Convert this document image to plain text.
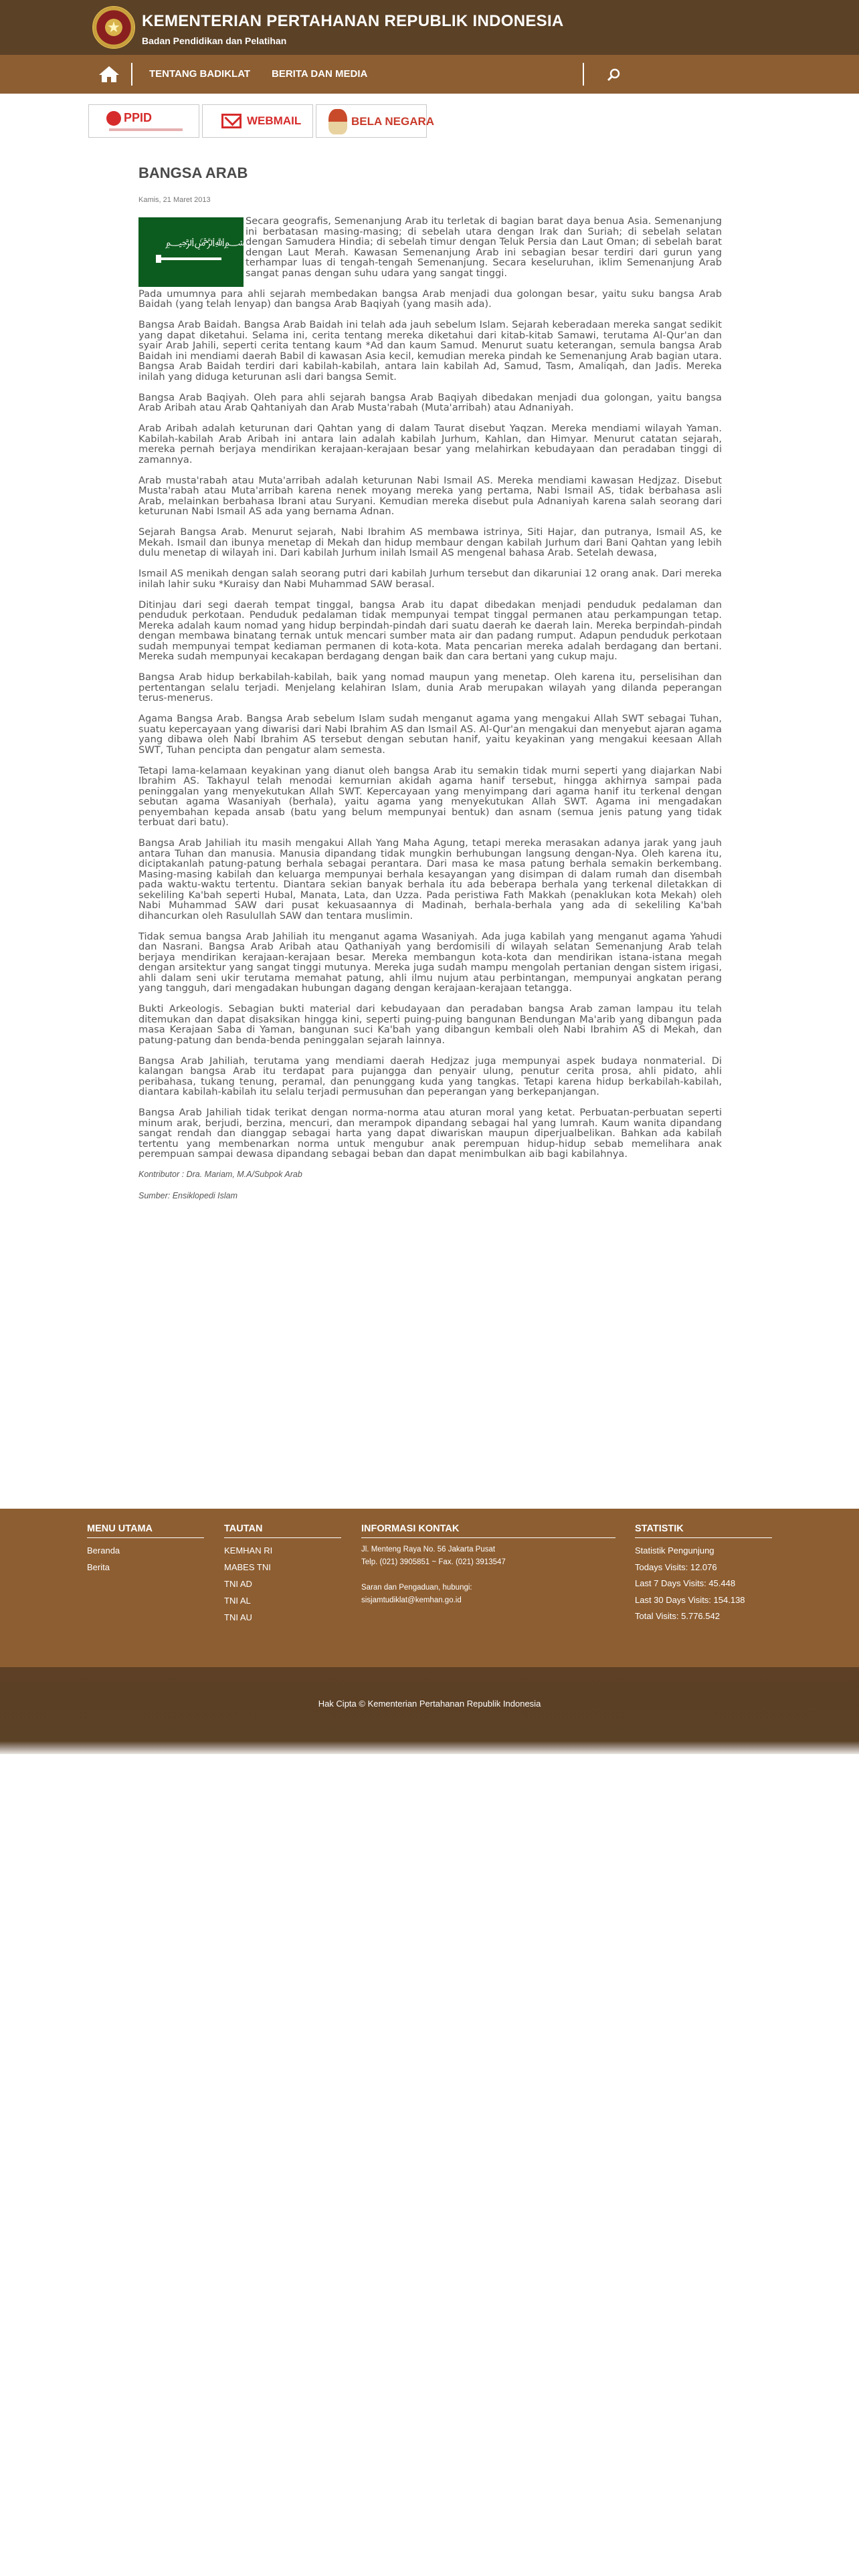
★
KEMENTERIAN PERTAHANAN REPUBLIK INDONESIA
Badan Pendidikan dan Pelatihan
TENTANG BADIKLAT BERITA DAN MEDIA
PPID	WEBMAIL	BELA NEGARA
BANGSA ARAB
Kamis, 21 Maret 2013
﷽

Secara geografis, Semenanjung Arab itu terletak di bagian barat daya benua Asia. Semenanjung ini berbatasan masing-masing; di sebelah utara dengan Irak dan Suriah; di sebelah selatan dengan Samudera Hindia; di sebelah timur dengan Teluk Persia dan Laut Oman; di sebelah barat dengan Laut Merah. Kawasan Semenanjung Arab ini sebagian besar terdiri dari gurun yang terhampar luas di tengah-tengah Semenanjung. Secara keseluruhan, iklim Semenanjung Arab sangat panas dengan suhu udara yang sangat tinggi.

Pada umumnya para ahli sejarah membedakan bangsa Arab menjadi dua golongan besar, yaitu suku bangsa Arab Baidah (yang telah lenyap) dan bangsa Arab Baqiyah (yang masih ada).

Bangsa Arab Baidah. Bangsa Arab Baidah ini telah ada jauh sebelum Islam. Sejarah keberadaan mereka sangat sedikit yang dapat diketahui. Selama ini, cerita tentang mereka diketahui dari kitab-kitab Samawi, terutama Al-Qur'an dan syair Arab Jahili, seperti cerita tentang kaum *Ad dan kaum Samud. Menurut suatu keterangan, semula bangsa Arab Baidah ini mendiami daerah Babil di kawasan Asia kecil, kemudian mereka pindah ke Semenanjung Arab bagian utara. Bangsa Arab Baidah terdiri dari kabilah-kabilah, antara lain kabilah Ad, Samud, Tasm, Amaliqah, dan Jadis. Mereka inilah yang diduga keturunan asli dari bangsa Semit.

Bangsa Arab Baqiyah. Oleh para ahli sejarah bangsa Arab Baqiyah dibedakan menjadi dua golongan, yaitu bangsa Arab Aribah atau Arab Qahtaniyah dan Arab Musta'rabah (Muta'arribah) atau Adnaniyah.

Arab Aribah adalah keturunan dari Qahtan yang di dalam Taurat disebut Yaqzan. Mereka mendiami wilayah Yaman. Kabilah-kabilah Arab Aribah ini antara lain adalah kabilah Jurhum, Kahlan, dan Himyar. Menurut catatan sejarah, mereka pernah berjaya mendirikan kerajaan-kerajaan besar yang melahirkan kebudayaan dan peradaban tinggi di zamannya.

Arab musta'rabah atau Muta'arribah adalah keturunan Nabi Ismail AS. Mereka mendiami kawasan Hedjzaz. Disebut Musta'rabah atau Muta'arribah karena nenek moyang mereka yang pertama, Nabi Ismail AS, tidak berbahasa asli Arab, melainkan berbahasa Ibrani atau Suryani. Kemudian mereka disebut pula Adnaniyah karena salah seorang dari keturunan Nabi Ismail AS ada yang bernama Adnan.

Sejarah Bangsa Arab. Menurut sejarah, Nabi Ibrahim AS membawa istrinya, Siti Hajar, dan putranya, Ismail AS, ke Mekah. Ismail dan ibunya menetap di Mekah dan hidup membaur dengan kabilah Jurhum dari Bani Qahtan yang lebih dulu menetap di wilayah ini. Dari kabilah Jurhum inilah Ismail AS mengenal bahasa Arab. Setelah dewasa,

Ismail AS menikah dengan salah seorang putri dari kabilah Jurhum tersebut dan dikaruniai 12 orang anak. Dari mereka inilah lahir suku *Kuraisy dan Nabi Muhammad SAW berasal.

Ditinjau dari segi daerah tempat tinggal, bangsa Arab itu dapat dibedakan menjadi penduduk pedalaman dan penduduk perkotaan. Penduduk pedalaman tidak mempunyai tempat tinggal permanen atau perkampungan tetap. Mereka adalah kaum nomad yang hidup berpindah-pindah dari suatu daerah ke daerah lain. Mereka berpindah-pindah dengan membawa binatang ternak untuk mencari sumber mata air dan padang rumput. Adapun penduduk perkotaan sudah mempunyai tempat kediaman permanen di kota-kota. Mata pencarian mereka adalah berdagang dan bertani. Mereka sudah mempunyai kecakapan berdagang dengan baik dan cara bertani yang cukup maju.

Bangsa Arab hidup berkabilah-kabilah, baik yang nomad maupun yang menetap. Oleh karena itu, perselisihan dan pertentangan selalu terjadi. Menjelang kelahiran Islam, dunia Arab merupakan wilayah yang dilanda peperangan terus-menerus.

Agama Bangsa Arab. Bangsa Arab sebelum Islam sudah menganut agama yang mengakui Allah SWT sebagai Tuhan, suatu kepercayaan yang diwarisi dari Nabi Ibrahim AS dan Ismail AS. Al-Qur'an mengakui dan menyebut ajaran agama yang dibawa oleh Nabi Ibrahim AS tersebut dengan sebutan hanif, yaitu keyakinan yang mengakui keesaan Allah SWT, Tuhan pencipta dan pengatur alam semesta.

Tetapi lama-kelamaan keyakinan yang dianut oleh bangsa Arab itu semakin tidak murni seperti yang diajarkan Nabi Ibrahim AS. Takhayul telah menodai kemurnian akidah agama hanif tersebut, hingga akhirnya sampai pada peninggalan yang menyekutukan Allah SWT. Kepercayaan yang menyimpang dari agama hanif itu terkenal dengan sebutan agama Wasaniyah (berhala), yaitu agama yang menyekutukan Allah SWT. Agama ini mengadakan penyembahan kepada ansab (batu yang belum mempunyai bentuk) dan asnam (semua jenis patung yang tidak terbuat dari batu).

Bangsa Arab Jahiliah itu masih mengakui Allah Yang Maha Agung, tetapi mereka merasakan adanya jarak yang jauh antara Tuhan dan manusia. Manusia dipandang tidak mungkin berhubungan langsung dengan-Nya. Oleh karena itu, diciptakanlah patung-patung berhala sebagai perantara. Dari masa ke masa patung berhala semakin berkembang. Masing-masing kabilah dan keluarga mempunyai berhala kesayangan yang disimpan di dalam rumah dan disembah pada waktu-waktu tertentu. Diantara sekian banyak berhala itu ada beberapa berhala yang terkenal diletakkan di sekeliling Ka'bah seperti Hubal, Manata, Lata, dan Uzza. Pada peristiwa Fath Makkah (penaklukan kota Mekah) oleh Nabi Muhammad SAW dari pusat kekuasaannya di Madinah, berhala-berhala yang ada di sekeliling Ka'bah dihancurkan oleh Rasulullah SAW dan tentara muslimin.

Tidak semua bangsa Arab Jahiliah itu menganut agama Wasaniyah. Ada juga kabilah yang menganut agama Yahudi dan Nasrani. Bangsa Arab Aribah atau Qathaniyah yang berdomisili di wilayah selatan Semenanjung Arab telah berjaya mendirikan kerajaan-kerajaan besar. Mereka membangun kota-kota dan mendirikan istana-istana megah dengan arsitektur yang sangat tinggi mutunya. Mereka juga sudah mampu mengolah pertanian dengan sistem irigasi, ahli dalam seni ukir terutama memahat patung, ahli ilmu nujum atau perbintangan, mempunyai angkatan perang yang tangguh, dari mengadakan hubungan dagang dengan kerajaan-kerajaan tetangga.

Bukti Arkeologis. Sebagian bukti material dari kebudayaan dan peradaban bangsa Arab zaman lampau itu telah ditemukan dan dapat disaksikan hingga kini, seperti puing-puing bangunan Bendungan Ma'arib yang dibangun pada masa Kerajaan Saba di Yaman, bangunan suci Ka'bah yang dibangun kembali oleh Nabi Ibrahim AS di Mekah, dan patung-patung dan benda-benda peninggalan sejarah lainnya.

Bangsa Arab Jahiliah, terutama yang mendiami daerah Hedjzaz juga mempunyai aspek budaya nonmaterial. Di kalangan bangsa Arab itu terdapat para pujangga dan penyair ulung, penutur cerita prosa, ahli pidato, ahli peribahasa, tukang tenung, peramal, dan penunggang kuda yang tangkas. Tetapi karena hidup berkabilah-kabilah, diantara kabilah-kabilah itu selalu terjadi permusuhan dan peperangan yang berkepanjangan.

Bangsa Arab Jahiliah tidak terikat dengan norma-norma atau aturan moral yang ketat. Perbuatan-perbuatan seperti minum arak, berjudi, berzina, mencuri, dan merampok dipandang sebagai hal yang lumrah. Kaum wanita dipandang sangat rendah dan dianggap sebagai harta yang dapat diwariskan maupun diperjualbelikan. Bahkan ada kabilah tertentu yang membenarkan norma untuk mengubur anak perempuan hidup-hidup sebab memelihara anak perempuan sampai dewasa dipandang sebagai beban dan dapat menimbulkan aib bagi kabilahnya.

Kontributor : Dra. Mariam, M.A/Subpok Arab
Sumber: Ensiklopedi Islam
MENU UTAMA
Beranda
Berita
TAUTAN
KEMHAN RI
MABES TNI
TNI AD
TNI AL
TNI AU
INFORMASI KONTAK
Jl. Menteng Raya No. 56 Jakarta Pusat
Telp. (021) 3905851 ~ Fax. (021) 3913547
Saran dan Pengaduan, hubungi:
sisjamtudiklat@kemhan.go.id
STATISTIK
Statistik Pengunjung
Todays Visits: 12.076
Last 7 Days Visits: 45.448
Last 30 Days Visits: 154.138
Total Visits: 5.776.542
Hak Cipta © Kementerian Pertahanan Republik Indonesia
